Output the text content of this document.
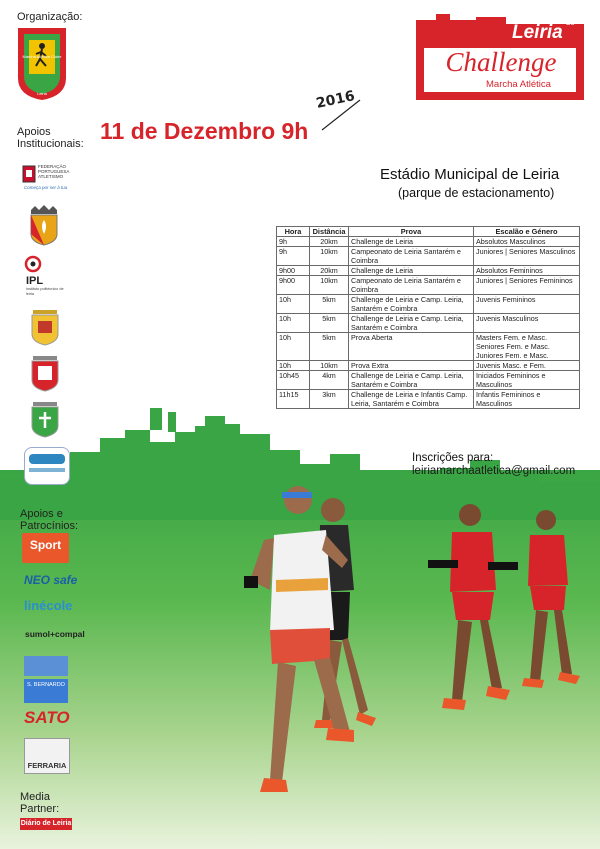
Organização:
Marcha Atlética Clube
Leiria
Apoios Institucionais:
FEDERAÇÃO
PORTUGUESA
ATLETISMO
Começa por ser à tua
IPL
Instituto politécnico de leiria
Apoios e Patrocínios:
Sport
NEO safe
linécole
sumol+compal
S. BERNARDO
SATO
FERRARIA
Media Partner:
Diário de Leiria
Leiria de
Challenge
Marcha Atlética
2016
11 de Dezembro 9h
Estádio Municipal de Leiria
(parque de estacionamento)
Hora	Distância	Prova	Escalão e Género
9h	20km	Challenge de Leiria	Absolutos Masculinos
9h	10km	Campeonato de Leiria Santarém e Coimbra	Juniores | Seniores Masculinos
9h00	20km	Challenge de Leiria	Absolutos Femininos
9h00	10km	Campeonato de Leiria Santarém e Coimbra	Juniores | Seniores Femininos
10h	5km	Challenge de Leiria e Camp. Leiria, Santarém e Coimbra	Juvenis Femininos
10h	5km	Challenge de Leiria e Camp. Leiria, Santarém e Coimbra	Juvenis Masculinos
10h	5km	Prova Aberta	Masters Fem. e Masc. Seniores Fem. e Masc. Juniores Fem. e Masc.
10h	10km	Prova Extra	Juvenis Masc. e Fem.
10h45	4km	Challenge de Leiria e Camp. Leiria, Santarém e Coimbra	Iniciados Femininos e Masculinos
11h15	3km	Challenge de Leiria e Infantis Camp. Leiria, Santarém e Coimbra	Infantis Femininos e Masculinos
Inscrições para:
leiriamarchaatletica@gmail.com
